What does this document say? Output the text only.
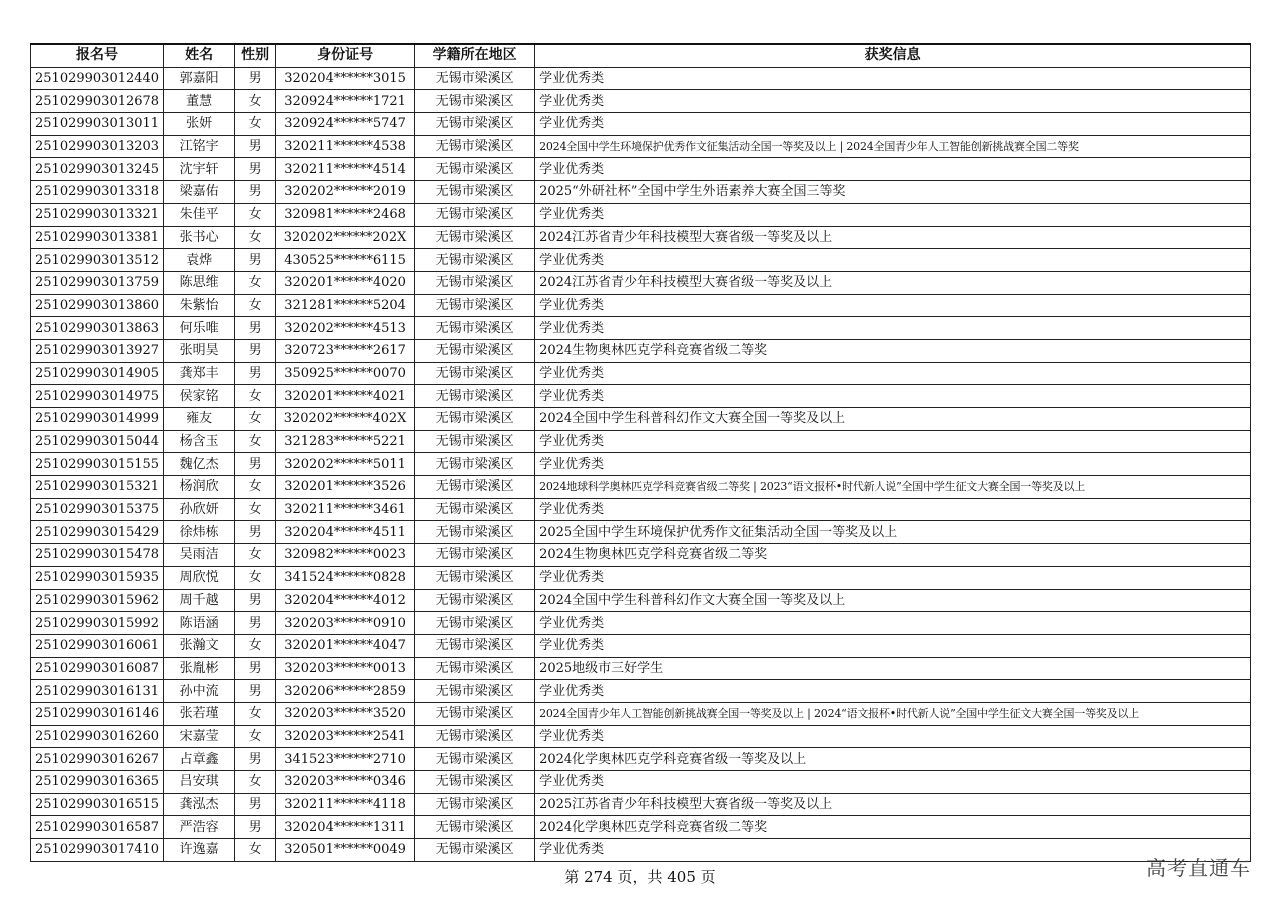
报名号	姓名	性别	身份证号	学籍所在地区	获奖信息
251029903012440	郭嘉阳	男	320204******3015	无锡市梁溪区	学业优秀类
251029903012678	董慧	女	320924******1721	无锡市梁溪区	学业优秀类
251029903013011	张妍	女	320924******5747	无锡市梁溪区	学业优秀类
251029903013203	江铭宇	男	320211******4538	无锡市梁溪区	2024全国中学生环境保护优秀作文征集活动全国一等奖及以上 | 2024全国青少年人工智能创新挑战赛全国二等奖
251029903013245	沈宇轩	男	320211******4514	无锡市梁溪区	学业优秀类
251029903013318	梁嘉佑	男	320202******2019	无锡市梁溪区	2025“外研社杯”全国中学生外语素养大赛全国三等奖
251029903013321	朱佳平	女	320981******2468	无锡市梁溪区	学业优秀类
251029903013381	张书心	女	320202******202X	无锡市梁溪区	2024江苏省青少年科技模型大赛省级一等奖及以上
251029903013512	袁烨	男	430525******6115	无锡市梁溪区	学业优秀类
251029903013759	陈思维	女	320201******4020	无锡市梁溪区	2024江苏省青少年科技模型大赛省级一等奖及以上
251029903013860	朱紫怡	女	321281******5204	无锡市梁溪区	学业优秀类
251029903013863	何乐唯	男	320202******4513	无锡市梁溪区	学业优秀类
251029903013927	张明昊	男	320723******2617	无锡市梁溪区	2024生物奥林匹克学科竞赛省级二等奖
251029903014905	龚郑丰	男	350925******0070	无锡市梁溪区	学业优秀类
251029903014975	侯家铭	女	320201******4021	无锡市梁溪区	学业优秀类
251029903014999	雍友	女	320202******402X	无锡市梁溪区	2024全国中学生科普科幻作文大赛全国一等奖及以上
251029903015044	杨含玉	女	321283******5221	无锡市梁溪区	学业优秀类
251029903015155	魏亿杰	男	320202******5011	无锡市梁溪区	学业优秀类
251029903015321	杨润欣	女	320201******3526	无锡市梁溪区	2024地球科学奥林匹克学科竞赛省级二等奖 | 2023“语文报杯•时代新人说”全国中学生征文大赛全国一等奖及以上
251029903015375	孙欣妍	女	320211******3461	无锡市梁溪区	学业优秀类
251029903015429	徐炜栋	男	320204******4511	无锡市梁溪区	2025全国中学生环境保护优秀作文征集活动全国一等奖及以上
251029903015478	吴雨洁	女	320982******0023	无锡市梁溪区	2024生物奥林匹克学科竞赛省级二等奖
251029903015935	周欣悦	女	341524******0828	无锡市梁溪区	学业优秀类
251029903015962	周千越	男	320204******4012	无锡市梁溪区	2024全国中学生科普科幻作文大赛全国一等奖及以上
251029903015992	陈语涵	男	320203******0910	无锡市梁溪区	学业优秀类
251029903016061	张瀚文	女	320201******4047	无锡市梁溪区	学业优秀类
251029903016087	张胤彬	男	320203******0013	无锡市梁溪区	2025地级市三好学生
251029903016131	孙中流	男	320206******2859	无锡市梁溪区	学业优秀类
251029903016146	张若瑾	女	320203******3520	无锡市梁溪区	2024全国青少年人工智能创新挑战赛全国一等奖及以上 | 2024“语文报杯•时代新人说”全国中学生征文大赛全国一等奖及以上
251029903016260	宋嘉莹	女	320203******2541	无锡市梁溪区	学业优秀类
251029903016267	占章鑫	男	341523******2710	无锡市梁溪区	2024化学奥林匹克学科竞赛省级一等奖及以上
251029903016365	吕安琪	女	320203******0346	无锡市梁溪区	学业优秀类
251029903016515	龚泓杰	男	320211******4118	无锡市梁溪区	2025江苏省青少年科技模型大赛省级一等奖及以上
251029903016587	严浩容	男	320204******1311	无锡市梁溪区	2024化学奥林匹克学科竞赛省级二等奖
251029903017410	许逸嘉	女	320501******0049	无锡市梁溪区	学业优秀类
第 274 页，共 405 页	高考直通车
